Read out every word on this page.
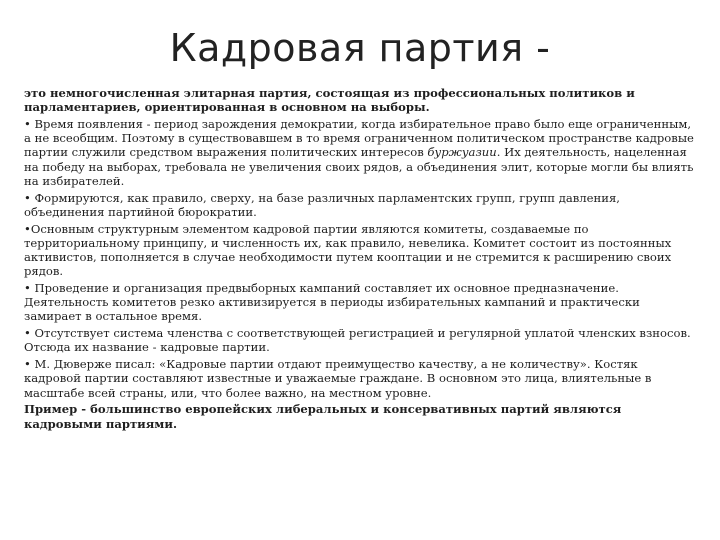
Кадровая партия -

это немногочисленная элитарная партия, состоящая из профессиональных политиков и парламентариев, ориентированная в основном на выборы.

• Время появления - период зарождения демократии, когда избирательное право было еще ограниченным, а не всеобщим. Поэтому в существовавшем в то время ограниченном политическом пространстве кадровые партии служили средством выражения политических интересов буржуазии. Их деятельность, нацеленная на победу на выборах, требовала не увеличения своих рядов, а объединения элит, которые могли бы влиять на избирателей.

• Формируются, как правило, сверху, на базе различных парламентских групп, групп давления, объединения партийной бюрократии.

•Основным структурным элементом кадровой партии являются комитеты, создаваемые по территориальному принципу, и численность их, как правило, невелика. Комитет состоит из постоянных активистов, пополняется в случае необходимости путем кооптации и не стремится к расширению своих рядов.

• Проведение и организация предвыборных кампаний составляет их основное предназначение. Деятельность комитетов резко активизируется в периоды избирательных кампаний и практически замирает в остальное время.

• Отсутствует система членства с соответствующей регистрацией и регулярной уплатой членских взносов. Отсюда их название - кадровые партии.

• М. Дюверже писал: «Кадровые партии отдают преимущество качеству, а не количеству». Костяк кадровой партии составляют известные и уважаемые граждане. В основном это лица, влиятельные в масштабе всей страны, или, что более важно, на местном уровне.

Пример - большинство европейских либеральных и консервативных партий являются кадровыми партиями.
